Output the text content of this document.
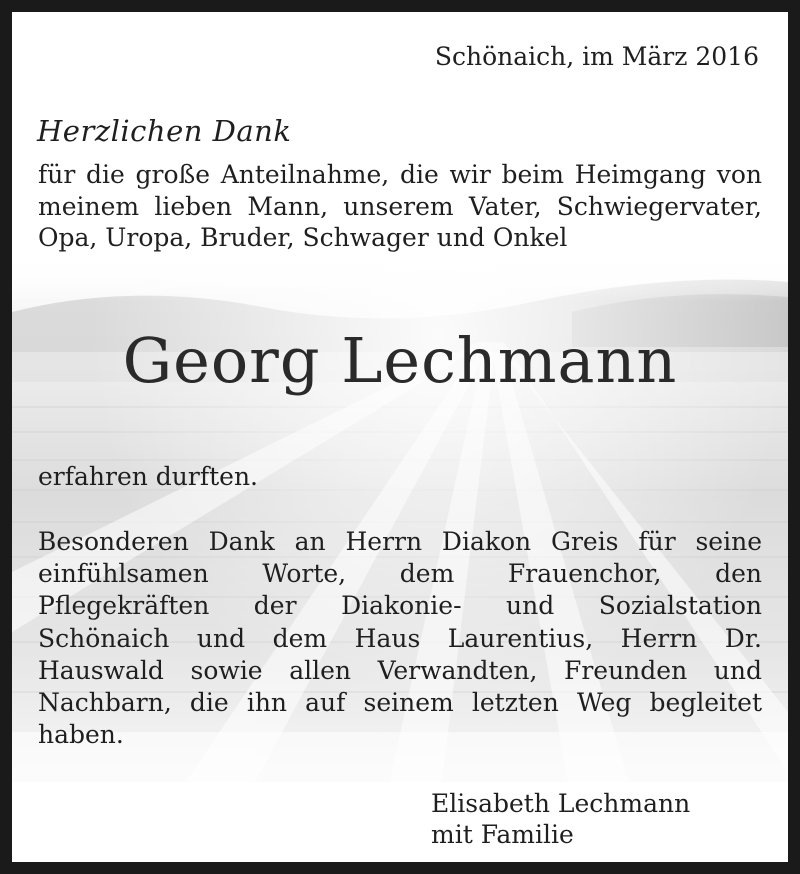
Schönaich, im März 2016
Herzlichen Dank
für die große Anteilnahme, die wir beim Heimgang von
meinem lieben Mann, unserem Vater, Schwiegervater,
Opa, Uropa, Bruder, Schwager und Onkel
Georg Lechmann
erfahren durften.
Besonderen Dank an Herrn Diakon Greis für seine
einfühlsamen Worte, dem Frauenchor, den
Pflegekräften der Diakonie- und Sozialstation
Schönaich und dem Haus Laurentius, Herrn Dr.
Hauswald sowie allen Verwandten, Freunden und
Nachbarn, die ihn auf seinem letzten Weg begleitet
haben.
Elisabeth Lechmann
mit Familie
